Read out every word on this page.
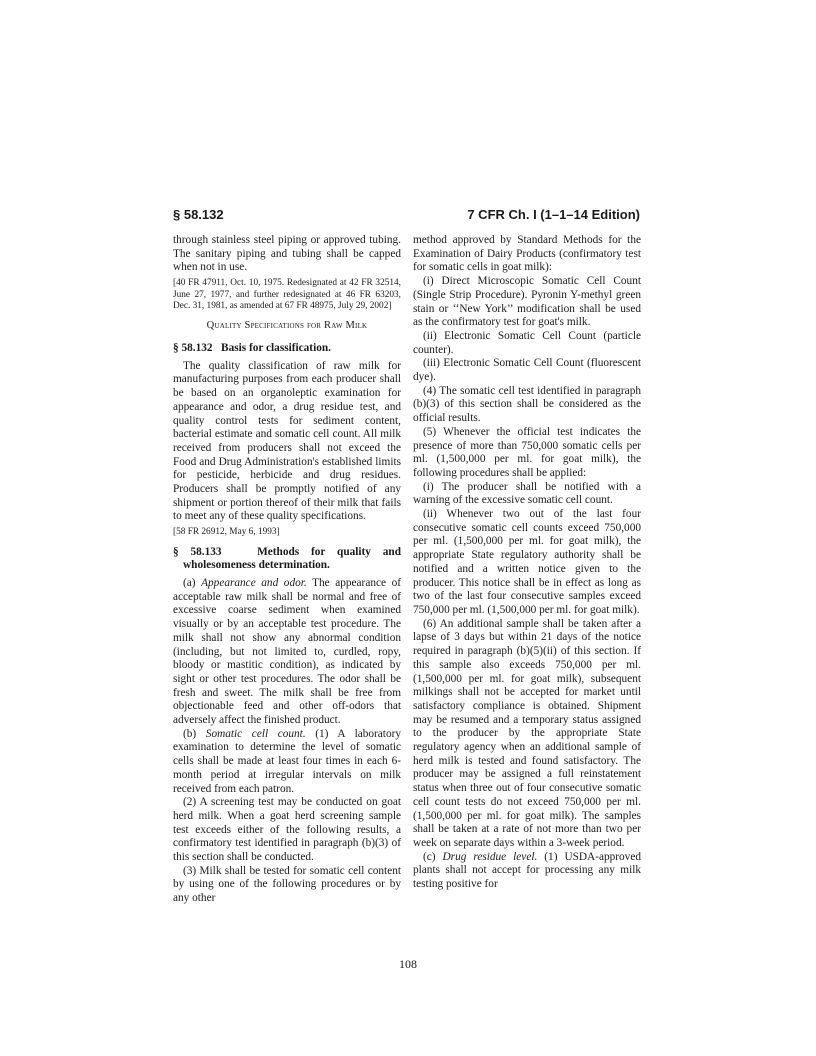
§ 58.132	7 CFR Ch. I (1–1–14 Edition)

through stainless steel piping or approved tubing. The sanitary piping and tubing shall be capped when not in use.

[40 FR 47911, Oct. 10, 1975. Redesignated at 42 FR 32514, June 27, 1977, and further redesignated at 46 FR 63203, Dec. 31, 1981, as amended at 67 FR 48975, July 29, 2002]

Quality Specifications for Raw Milk

§ 58.132 Basis for classification.

The quality classification of raw milk for manufacturing purposes from each producer shall be based on an organoleptic examination for appearance and odor, a drug residue test, and quality control tests for sediment content, bacterial estimate and somatic cell count. All milk received from producers shall not exceed the Food and Drug Administration's established limits for pesticide, herbicide and drug residues. Producers shall be promptly notified of any shipment or portion thereof of their milk that fails to meet any of these quality specifications.

[58 FR 26912, May 6, 1993]

§ 58.133	Methods for quality and wholesomeness determination.

(a) Appearance and odor. The appearance of acceptable raw milk shall be normal and free of excessive coarse sediment when examined visually or by an acceptable test procedure. The milk shall not show any abnormal condition (including, but not limited to, curdled, ropy, bloody or mastitic condition), as indicated by sight or other test procedures. The odor shall be fresh and sweet. The milk shall be free from objectionable feed and other off-odors that adversely affect the finished product.

(b) Somatic cell count. (1) A laboratory examination to determine the level of somatic cells shall be made at least four times in each 6-month period at irregular intervals on milk received from each patron.

(2) A screening test may be conducted on goat herd milk. When a goat herd screening sample test exceeds either of the following results, a confirmatory test identified in paragraph (b)(3) of this section shall be conducted.

(3) Milk shall be tested for somatic cell content by using one of the following procedures or by any other

method approved by Standard Methods for the Examination of Dairy Products (confirmatory test for somatic cells in goat milk):

(i) Direct Microscopic Somatic Cell Count (Single Strip Procedure). Pyronin Y-methyl green stain or ‘‘New York’’ modification shall be used as the confirmatory test for goat's milk.

(ii) Electronic Somatic Cell Count (particle counter).

(iii) Electronic Somatic Cell Count (fluorescent dye).

(4) The somatic cell test identified in paragraph (b)(3) of this section shall be considered as the official results.

(5) Whenever the official test indicates the presence of more than 750,000 somatic cells per ml. (1,500,000 per ml. for goat milk), the following procedures shall be applied:

(i) The producer shall be notified with a warning of the excessive somatic cell count.

(ii) Whenever two out of the last four consecutive somatic cell counts exceed 750,000 per ml. (1,500,000 per ml. for goat milk), the appropriate State regulatory authority shall be notified and a written notice given to the producer. This notice shall be in effect as long as two of the last four consecutive samples exceed 750,000 per ml. (1,500,000 per ml. for goat milk).

(6) An additional sample shall be taken after a lapse of 3 days but within 21 days of the notice required in paragraph (b)(5)(ii) of this section. If this sample also exceeds 750,000 per ml. (1,500,000 per ml. for goat milk), subsequent milkings shall not be accepted for market until satisfactory compliance is obtained. Shipment may be resumed and a temporary status assigned to the producer by the appropriate State regulatory agency when an additional sample of herd milk is tested and found satisfactory. The producer may be assigned a full reinstatement status when three out of four consecutive somatic cell count tests do not exceed 750,000 per ml. (1,500,000 per ml. for goat milk). The samples shall be taken at a rate of not more than two per week on separate days within a 3-week period.

(c) Drug residue level. (1) USDA-approved plants shall not accept for processing any milk testing positive for

108
